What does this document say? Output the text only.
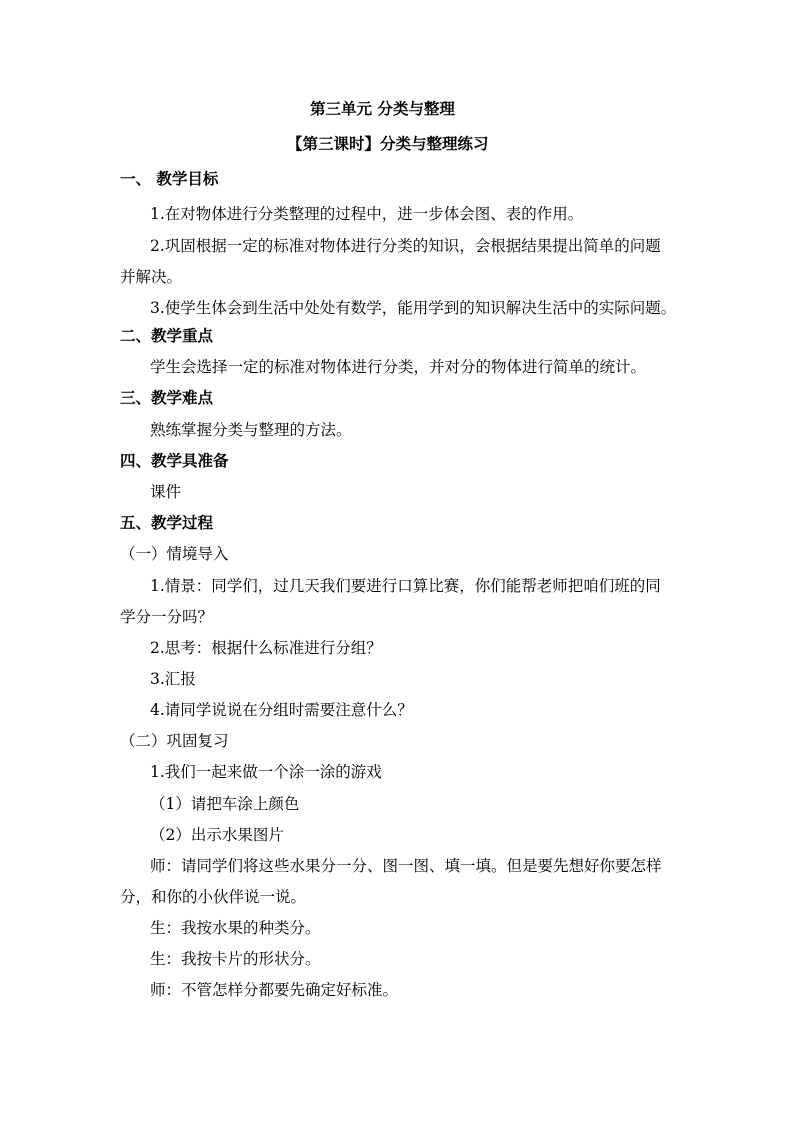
第三单元 分类与整理
【第三课时】分类与整理练习
一、 教学目标
1.在对物体进行分类整理的过程中，进一步体会图、表的作用。
2.巩固根据一定的标准对物体进行分类的知识，会根据结果提出简单的问题
并解决。
3.使学生体会到生活中处处有数学，能用学到的知识解决生活中的实际问题。
二、教学重点
学生会选择一定的标准对物体进行分类，并对分的物体进行简单的统计。
三、教学难点
熟练掌握分类与整理的方法。
四、教学具准备
课件
五、教学过程
（一）情境导入
1.情景：同学们，过几天我们要进行口算比赛，你们能帮老师把咱们班的同
学分一分吗？
2.思考：根据什么标准进行分组？
3.汇报
4.请同学说说在分组时需要注意什么？
（二）巩固复习
1.我们一起来做一个涂一涂的游戏
（1）请把车涂上颜色
（2）出示水果图片
师：请同学们将这些水果分一分、图一图、填一填。但是要先想好你要怎样
分，和你的小伙伴说一说。
生：我按水果的种类分。
生：我按卡片的形状分。
师：不管怎样分都要先确定好标准。
